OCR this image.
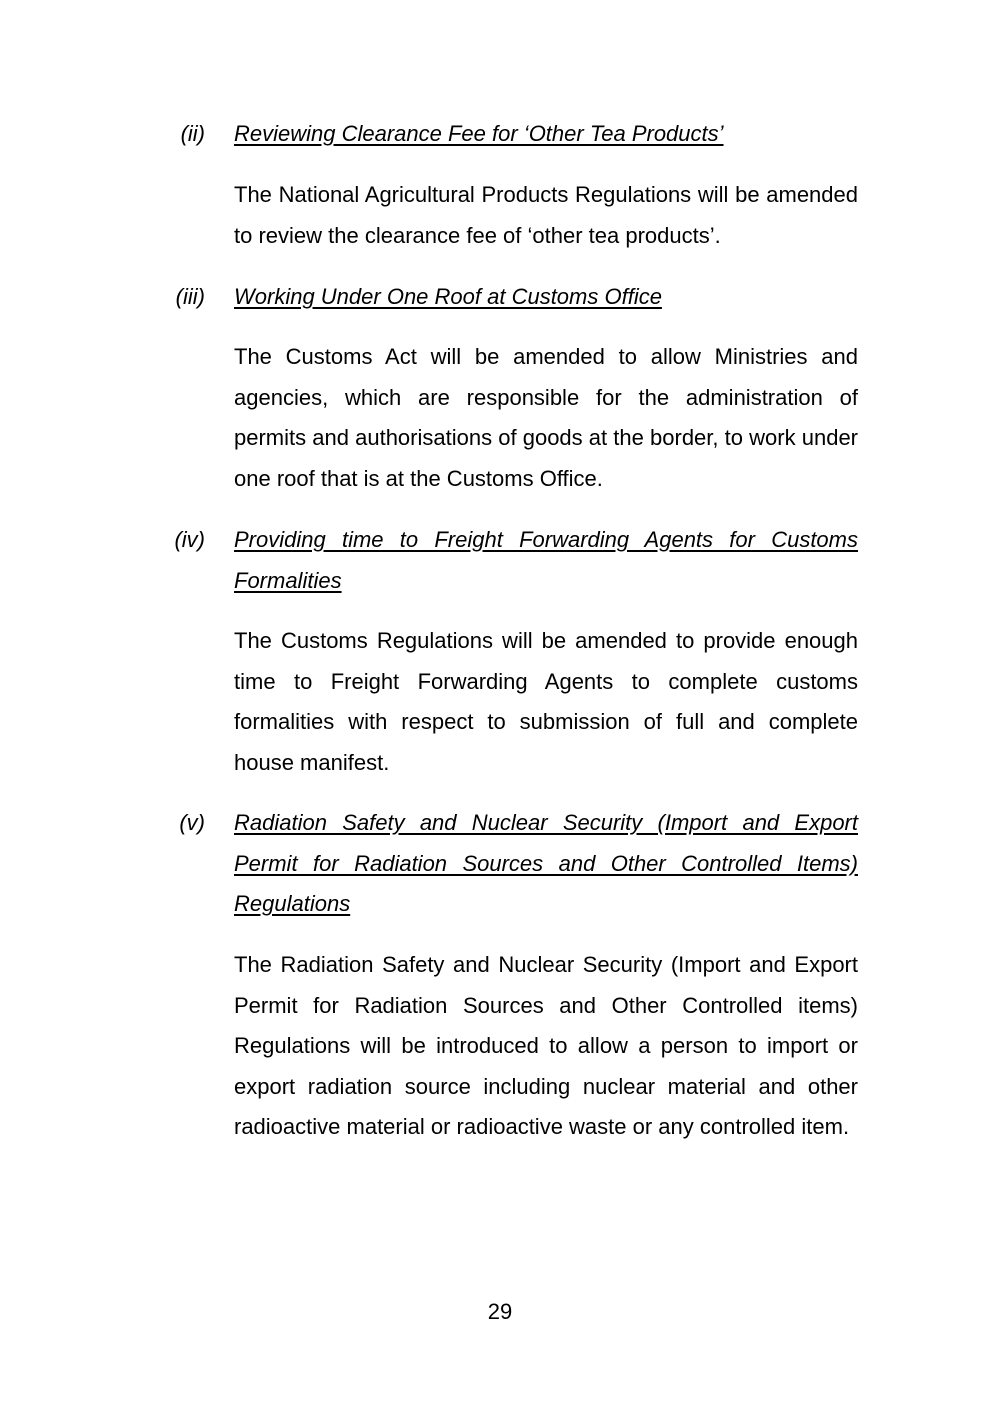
(ii) Reviewing Clearance Fee for ‘Other Tea Products’
The National Agricultural Products Regulations will be amended to review the clearance fee of ‘other tea products’.
(iii) Working Under One Roof at Customs Office
The Customs Act will be amended to allow Ministries and agencies, which are responsible for the administration of permits and authorisations of goods at the border, to work under one roof that is at the Customs Office.
(iv) Providing time to Freight Forwarding Agents for Customs Formalities
The Customs Regulations will be amended to provide enough time to Freight Forwarding Agents to complete customs formalities with respect to submission of full and complete house manifest.
(v) Radiation Safety and Nuclear Security (Import and Export Permit for Radiation Sources and Other Controlled Items) Regulations
The Radiation Safety and Nuclear Security (Import and Export Permit for Radiation Sources and Other Controlled items) Regulations will be introduced to allow a person to import or export radiation source including nuclear material and other radioactive material or radioactive waste or any controlled item.
29
